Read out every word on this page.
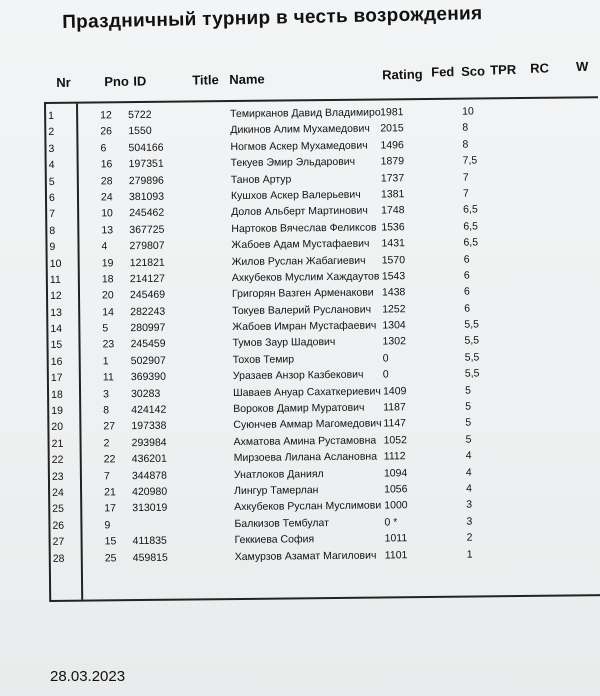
Праздничный турнир в честь возрождения
Nr	Pno ID	Title Name	Rating Fed Sco TPR RC W
1	12 5722	Темирканов Давид Владимиро 1981	10
2	26 1550	Дикинов Алим Мухамедович 2015	8
3	6 504166	Ногмов Аскер Мухамедович 1496	8
4	16 197351	Текуев Эмир Эльдарович 1879	7,5
5	28 279896	Танов Артур	1737	7
6	24 381093	Кушхов Аскер Валерьевич 1381	7
7	10 245462	Долов Альберт Мартинович 1748	6,5
8	13 367725	Нартоков Вячеслав Феликсов 1536	6,5
9	4 279807	Жабоев Адам Мустафаевич 1431	6,5
10	19 121821	Жилов Руслан Жабагиевич 1570	6
11	18 214127	Ахкубеков Муслим Хаждаутов 1543	6
12	20 245469	Григорян Вазген Арменакови 1438	6
13	14 282243	Токуев Валерий Русланович 1252	6
14	5 280997	Жабоев Имран Мустафаевич 1304	5,5
15	23 245459	Тумов Заур Шадович	1302	5,5
16	1 502907	Тохов Темир	0	5,5
17	11 369390	Уразаев Анзор Казбекович 0	5,5
18	3 30283	Шаваев Ануар Сахаткериевич 1409	5
19	8 424142	Вороков Дамир Муратович 1187	5
20	27 197338	Суюнчев Аммар Магомедович 1147	5
21	2 293984	Ахматова Амина Рустамовна 1052	5
22	22 436201	Мирзоева Лилана Аслановна 1112	4
23	7 344878	Унатлоков Даниял	1094	4
24	21 420980	Лингур Тамерлан	1056	4
25	17 313019	Ахкубеков Руслан Муслимови 1000	3
26	9	Балкизов Тембулат	0 *	3
27	15 411835	Геккиева София	1011	2
28	25 459815	Хамурзов Азамат Магилович 1101	1
28.03.2023
